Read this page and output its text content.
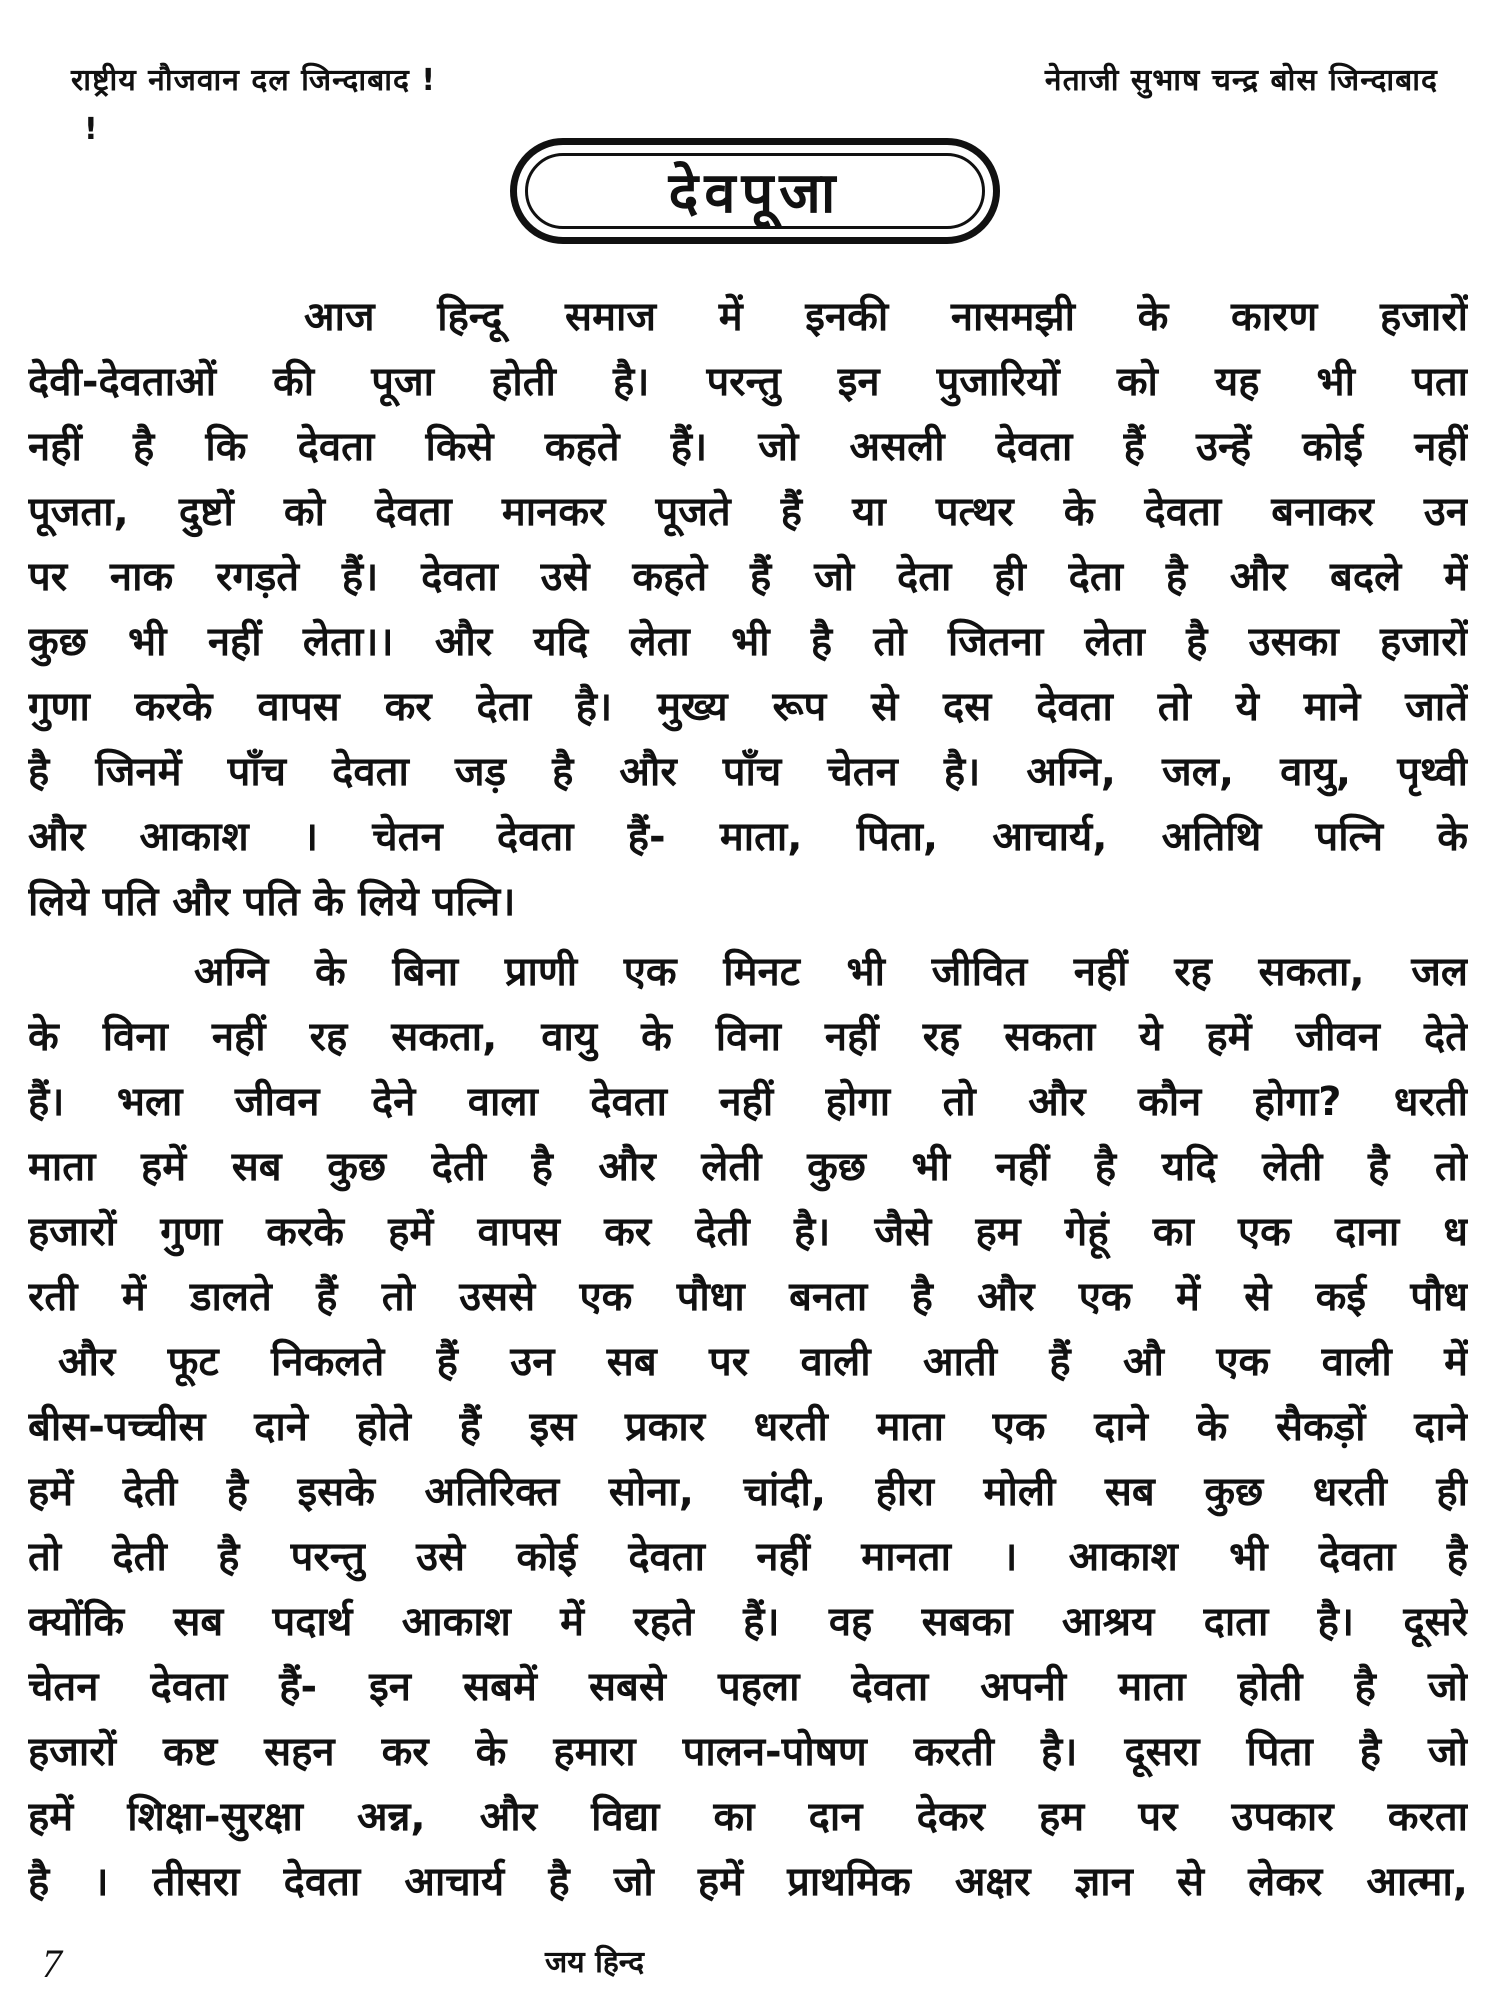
राष्ट्रीय नौजवान दल जिन्दाबाद !	नेताजी सुभाष चन्द्र बोस जिन्दाबाद
!
देवपूजा
आज हिन्दू समाज में इनकी नासमझी के कारण हजारों
देवी-देवताओं की पूजा होती है। परन्तु इन पुजारियों को यह भी पता
नहीं है कि देवता किसे कहते हैं। जो असली देवता हैं उन्हें कोई नहीं
पूजता, दुष्टों को देवता मानकर पूजते हैं या पत्थर के देवता बनाकर उन
पर नाक रगड़ते हैं। देवता उसे कहते हैं जो देता ही देता है और बदले में
कुछ भी नहीं लेता।। और यदि लेता भी है तो जितना लेता है उसका हजारों
गुणा करके वापस कर देता है। मुख्य रूप से दस देवता तो ये माने जातें
है जिनमें पाँच देवता जड़ है और पाँच चेतन है। अग्नि, जल, वायु, पृथ्वी
और आकाश । चेतन देवता हैं- माता, पिता, आचार्य, अतिथि पत्नि के
लिये पति और पति के लिये पत्नि।
अग्नि के बिना प्राणी एक मिनट भी जीवित नहीं रह सकता, जल
के विना नहीं रह सकता, वायु के विना नहीं रह सकता ये हमें जीवन देते
हैं। भला जीवन देने वाला देवता नहीं होगा तो और कौन होगा? धरती
माता हमें सब कुछ देती है और लेती कुछ भी नहीं है यदि लेती है तो
हजारों गुणा करके हमें वापस कर देती है। जैसे हम गेहूं का एक दाना ध
रती में डालते हैं तो उससे एक पौधा बनता है और एक में से कई पौध
और फूट निकलते हैं उन सब पर वाली आती हैं औ एक वाली में
बीस-पच्चीस दाने होते हैं इस प्रकार धरती माता एक दाने के सैकड़ों दाने
हमें देती है इसके अतिरिक्त सोना, चांदी, हीरा मोली सब कुछ धरती ही
तो देती है परन्तु उसे कोई देवता नहीं मानता । आकाश भी देवता है
क्योंकि सब पदार्थ आकाश में रहते हैं। वह सबका आश्रय दाता है। दूसरे
चेतन देवता हैं- इन सबमें सबसे पहला देवता अपनी माता होती है जो
हजारों कष्ट सहन कर के हमारा पालन-पोषण करती है। दूसरा पिता है जो
हमें शिक्षा-सुरक्षा अन्न, और विद्या का दान देकर हम पर उपकार करता
है । तीसरा देवता आचार्य है जो हमें प्राथमिक अक्षर ज्ञान से लेकर आत्मा,
7	जय हिन्द
